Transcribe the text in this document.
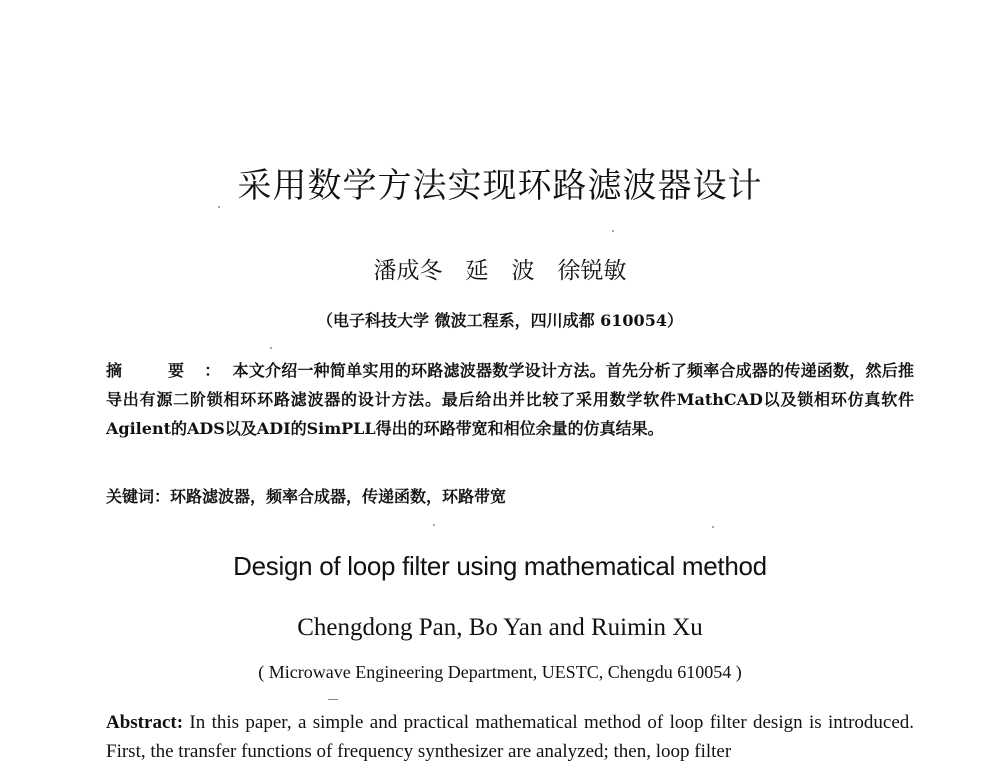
采用数学方法实现环路滤波器设计
潘成冬　延　波　徐锐敏
（电子科技大学 微波工程系，四川成都 610054）
摘 要：本文介绍一种简单实用的环路滤波器数学设计方法。首先分析了频率合成器的传递函数，然后推导出有源二阶锁相环环路滤波器的设计方法。最后给出并比较了采用数学软件MathCAD以及锁相环仿真软件Agilent的ADS以及ADI的SimPLL得出的环路带宽和相位余量的仿真结果。
关键词：环路滤波器，频率合成器，传递函数，环路带宽
Design of loop filter using mathematical method
Chengdong Pan, Bo Yan and Ruimin Xu
( Microwave Engineering Department, UESTC, Chengdu 610054 )
Abstract: In this paper, a simple and practical mathematical method of loop filter design is introduced. First, the transfer functions of frequency synthesizer are analyzed; then, loop filter
